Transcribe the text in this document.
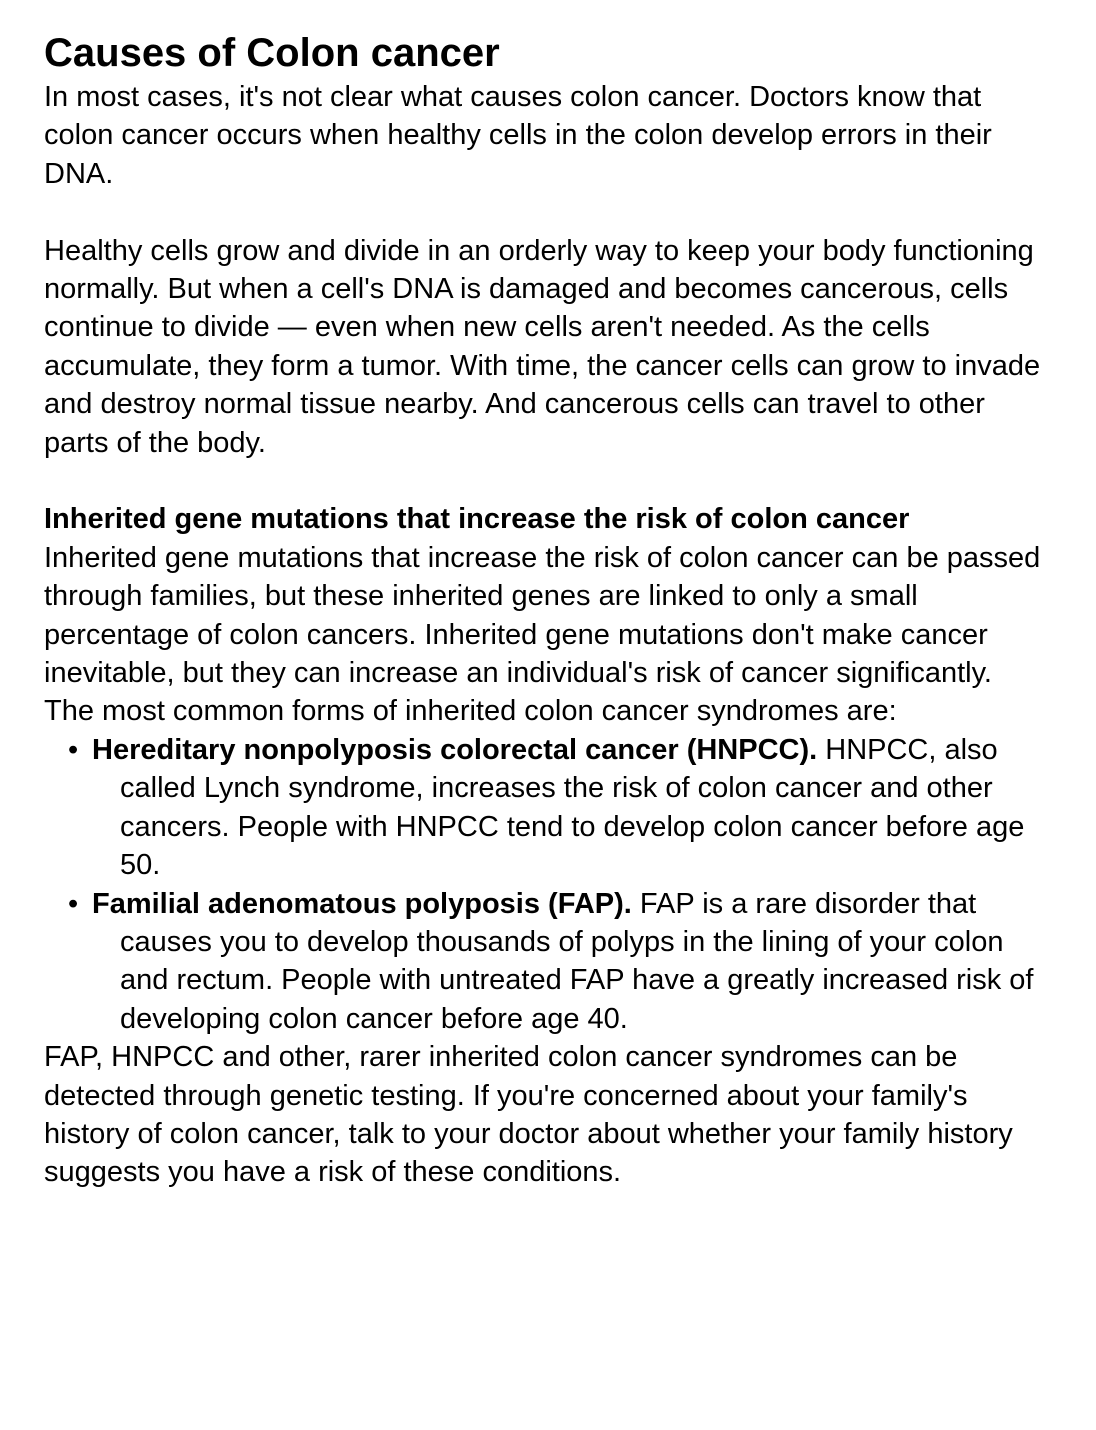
Causes of Colon cancer

In most cases, it's not clear what causes colon cancer. Doctors know that colon cancer occurs when healthy cells in the colon develop errors in their DNA.

Healthy cells grow and divide in an orderly way to keep your body functioning normally. But when a cell's DNA is damaged and becomes cancerous, cells continue to divide — even when new cells aren't needed. As the cells accumulate, they form a tumor. With time, the cancer cells can grow to invade and destroy normal tissue nearby. And cancerous cells can travel to other parts of the body.

Inherited gene mutations that increase the risk of colon cancer

Inherited gene mutations that increase the risk of colon cancer can be passed through families, but these inherited genes are linked to only a small percentage of colon cancers. Inherited gene mutations don't make cancer inevitable, but they can increase an individual's risk of cancer significantly.

The most common forms of inherited colon cancer syndromes are:

• Hereditary nonpolyposis colorectal cancer (HNPCC). HNPCC, also called Lynch syndrome, increases the risk of colon cancer and other cancers. People with HNPCC tend to develop colon cancer before age 50.
• Familial adenomatous polyposis (FAP). FAP is a rare disorder that causes you to develop thousands of polyps in the lining of your colon and rectum. People with untreated FAP have a greatly increased risk of developing colon cancer before age 40.

FAP, HNPCC and other, rarer inherited colon cancer syndromes can be detected through genetic testing. If you're concerned about your family's history of colon cancer, talk to your doctor about whether your family history suggests you have a risk of these conditions.
